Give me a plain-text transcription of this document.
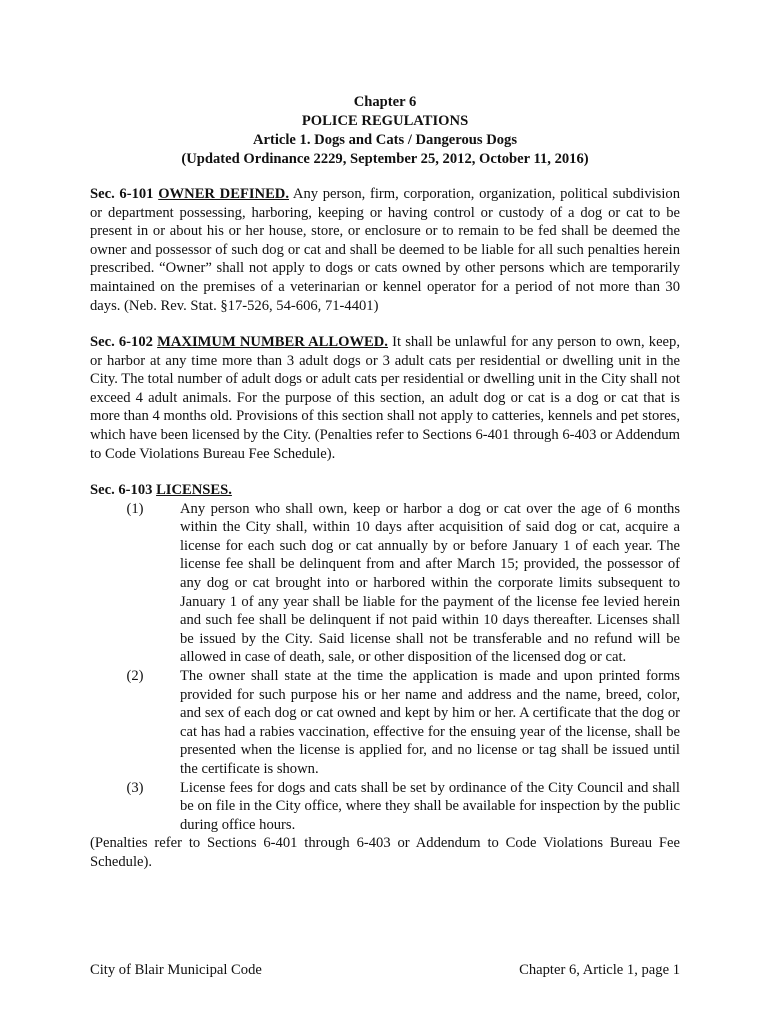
Chapter 6
POLICE REGULATIONS
Article 1. Dogs and Cats / Dangerous Dogs
(Updated Ordinance 2229, September 25, 2012, October 11, 2016)
Sec. 6-101 OWNER DEFINED. Any person, firm, corporation, organization, political subdivision or department possessing, harboring, keeping or having control or custody of a dog or cat to be present in or about his or her house, store, or enclosure or to remain to be fed shall be deemed the owner and possessor of such dog or cat and shall be deemed to be liable for all such penalties herein prescribed. “Owner” shall not apply to dogs or cats owned by other persons which are temporarily maintained on the premises of a veterinarian or kennel operator for a period of not more than 30 days. (Neb. Rev. Stat. §17-526, 54-606, 71-4401)
Sec. 6-102 MAXIMUM NUMBER ALLOWED. It shall be unlawful for any person to own, keep, or harbor at any time more than 3 adult dogs or 3 adult cats per residential or dwelling unit in the City. The total number of adult dogs or adult cats per residential or dwelling unit in the City shall not exceed 4 adult animals. For the purpose of this section, an adult dog or cat is a dog or cat that is more than 4 months old. Provisions of this section shall not apply to catteries, kennels and pet stores, which have been licensed by the City. (Penalties refer to Sections 6-401 through 6-403 or Addendum to Code Violations Bureau Fee Schedule).
Sec. 6-103 LICENSES.
(1)	Any person who shall own, keep or harbor a dog or cat over the age of 6 months within the City shall, within 10 days after acquisition of said dog or cat, acquire a license for each such dog or cat annually by or before January 1 of each year. The license fee shall be delinquent from and after March 15; provided, the possessor of any dog or cat brought into or harbored within the corporate limits subsequent to January 1 of any year shall be liable for the payment of the license fee levied herein and such fee shall be delinquent if not paid within 10 days thereafter. Licenses shall be issued by the City. Said license shall not be transferable and no refund will be allowed in case of death, sale, or other disposition of the licensed dog or cat.
(2)	The owner shall state at the time the application is made and upon printed forms provided for such purpose his or her name and address and the name, breed, color, and sex of each dog or cat owned and kept by him or her. A certificate that the dog or cat has had a rabies vaccination, effective for the ensuing year of the license, shall be presented when the license is applied for, and no license or tag shall be issued until the certificate is shown.
(3)	License fees for dogs and cats shall be set by ordinance of the City Council and shall be on file in the City office, where they shall be available for inspection by the public during office hours.
(Penalties refer to Sections 6-401 through 6-403 or Addendum to Code Violations Bureau Fee Schedule).
City of Blair Municipal Code	Chapter 6, Article 1, page 1
